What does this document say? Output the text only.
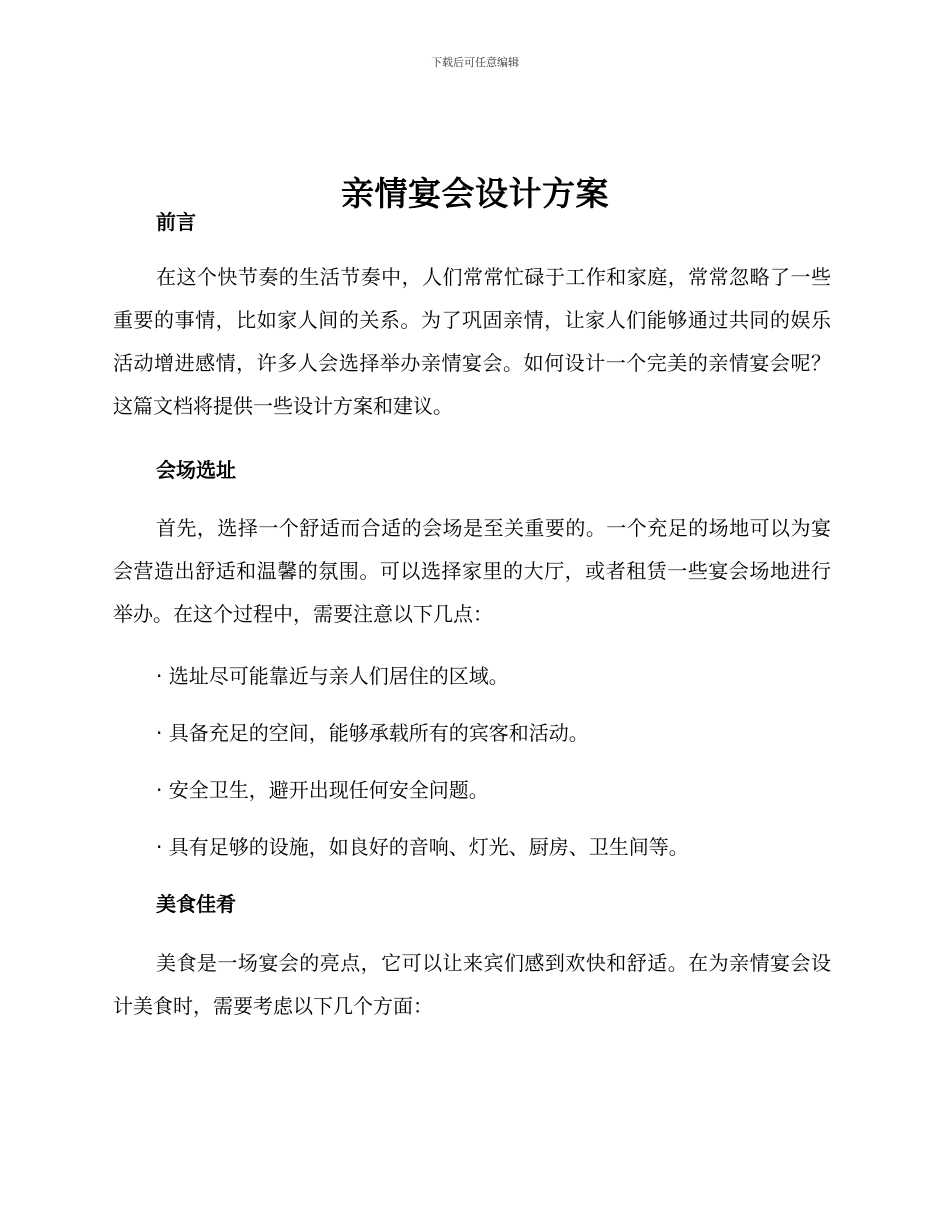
下载后可任意编辑
亲情宴会设计方案
前言

在这个快节奏的生活节奏中，人们常常忙碌于工作和家庭，常常忽略了一些重要的事情，比如家人间的关系。为了巩固亲情，让家人们能够通过共同的娱乐活动增进感情，许多人会选择举办亲情宴会。如何设计一个完美的亲情宴会呢？这篇文档将提供一些设计方案和建议。

会场选址

首先，选择一个舒适而合适的会场是至关重要的。一个充足的场地可以为宴会营造出舒适和温馨的氛围。可以选择家里的大厅，或者租赁一些宴会场地进行举办。在这个过程中，需要注意以下几点：

· 选址尽可能靠近与亲人们居住的区域。

· 具备充足的空间，能够承载所有的宾客和活动。

· 安全卫生，避开出现任何安全问题。

· 具有足够的设施，如良好的音响、灯光、厨房、卫生间等。

美食佳肴

美食是一场宴会的亮点，它可以让来宾们感到欢快和舒适。在为亲情宴会设计美食时，需要考虑以下几个方面：
